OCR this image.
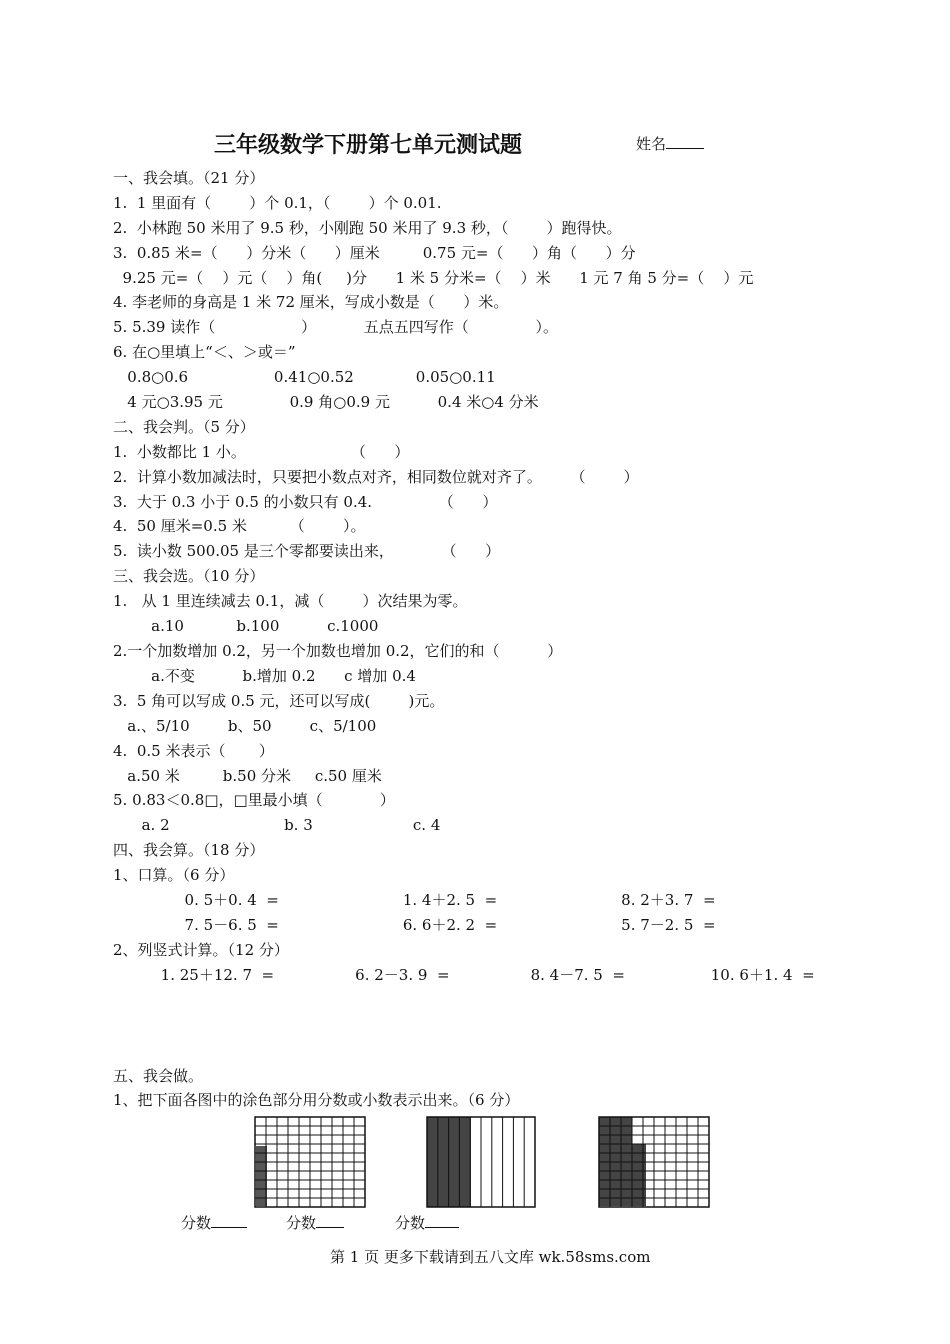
三年级数学下册第七单元测试题	姓名
一、我会填。（21 分）
1.  1 里面有（        ）个 0.1，（        ）个 0.01.
2.  小林跑 50 米用了 9.5 秒，小刚跑 50 米用了 9.3 秒，（        ）跑得快。
3.  0.85 米=（      ）分米（      ）厘米         0.75 元=（      ）角（      ）分
9.25 元=（    ）元（    ）角(     )分      1 米 5 分米=（    ）米      1 元 7 角 5 分=（    ）元
4. 李老师的身高是 1 米 72 厘米，写成小数是（      ）米。
5. 5.39 读作（                  ）          五点五四写作（              ）。
6. 在○里填上“＜、＞或＝”
0.8○0.6                  0.41○0.52             0.05○0.11
4 元○3.95 元              0.9 角○0.9 元          0.4 米○4 分米
二、我会判。（5 分）
1.  小数都比 1 小。                      （      ）
2.  计算小数加减法时，只要把小数点对齐，相同数位就对齐了。      （        ）
3.  大于 0.3 小于 0.5 的小数只有 0.4.              （      ）
4.  50 厘米=0.5 米         （        ）。
5.  读小数 500.05 是三个零都要读出来，          （      ）
三、我会选。（10 分）
1.   从 1 里连续减去 0.1，减（        ）次结果为零。
a.10           b.100          c.1000
2.一个加数增加 0.2，另一个加数也增加 0.2，它们的和（          ）
a.不变          b.增加 0.2      c 增加 0.4
3.  5 角可以写成 0.5 元，还可以写成(        )元。
a.、5/10        b、50        c、5/100
4.  0.5 米表示（       ）
a.50 米         b.50 分米     c.50 厘米
5. 0.83＜0.8□，□里最小填（            ）
a. 2                        b. 3                     c. 4
四、我会算。（18 分）
1、口算。（6 分）
0. 5＋0. 4  =                          1. 4＋2. 5  =                          8. 2＋3. 7  =
7. 5－6. 5  =                          6. 6＋2. 2  =                          5. 7－2. 5  =
2、列竖式计算。（12 分）
1. 25＋12. 7  =                 6. 2－3. 9  =                 8. 4－7. 5  =                  10. 6＋1. 4  =
五、我会做。
1、把下面各图中的涂色部分用分数或小数表示出来。（6 分）
分数	分数	分数
第 1 页 更多下载请到五八文库 wk.58sms.com
